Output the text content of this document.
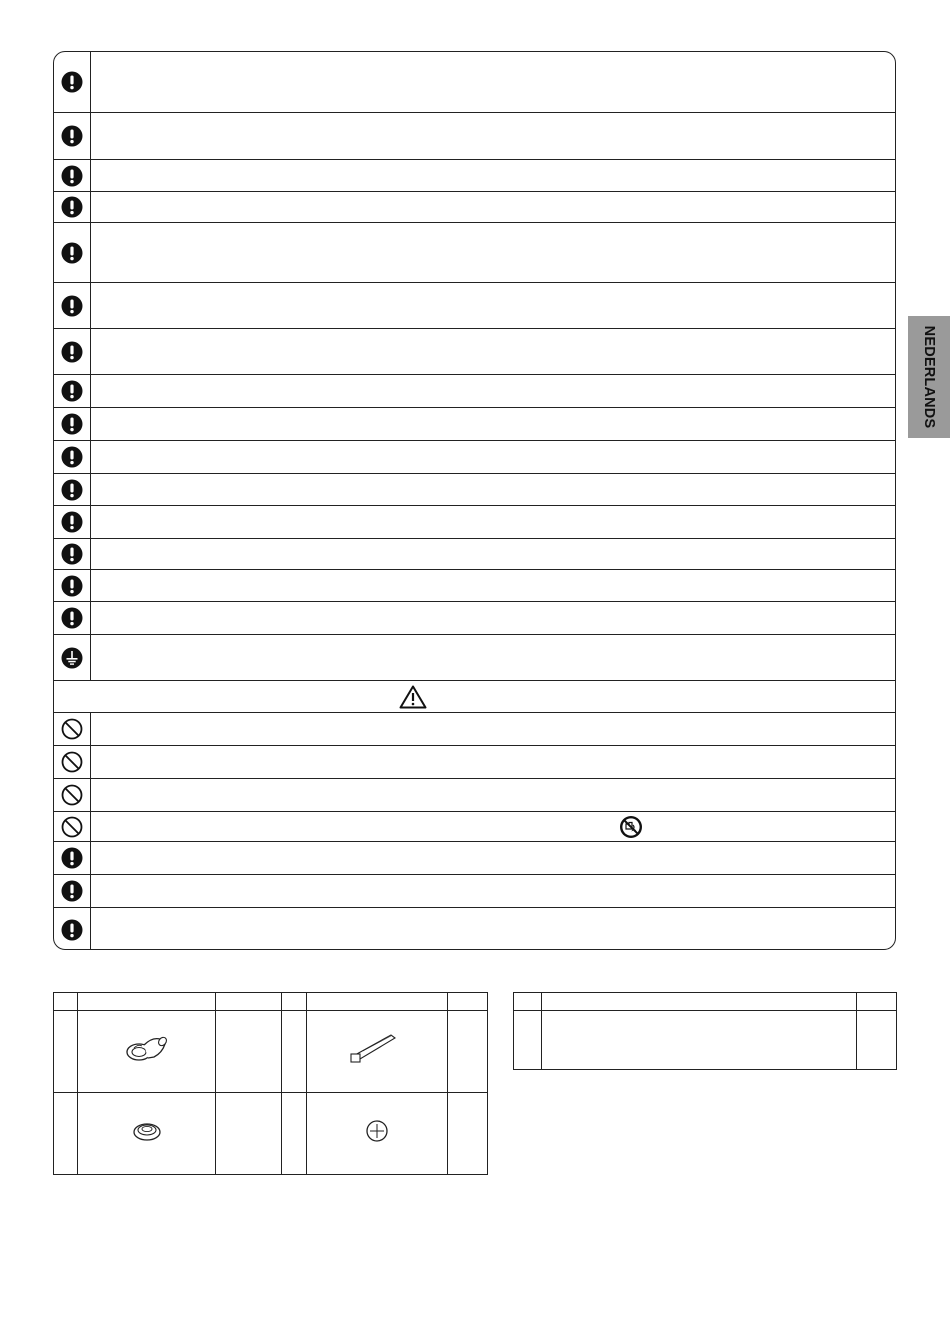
NEDERLANDS
